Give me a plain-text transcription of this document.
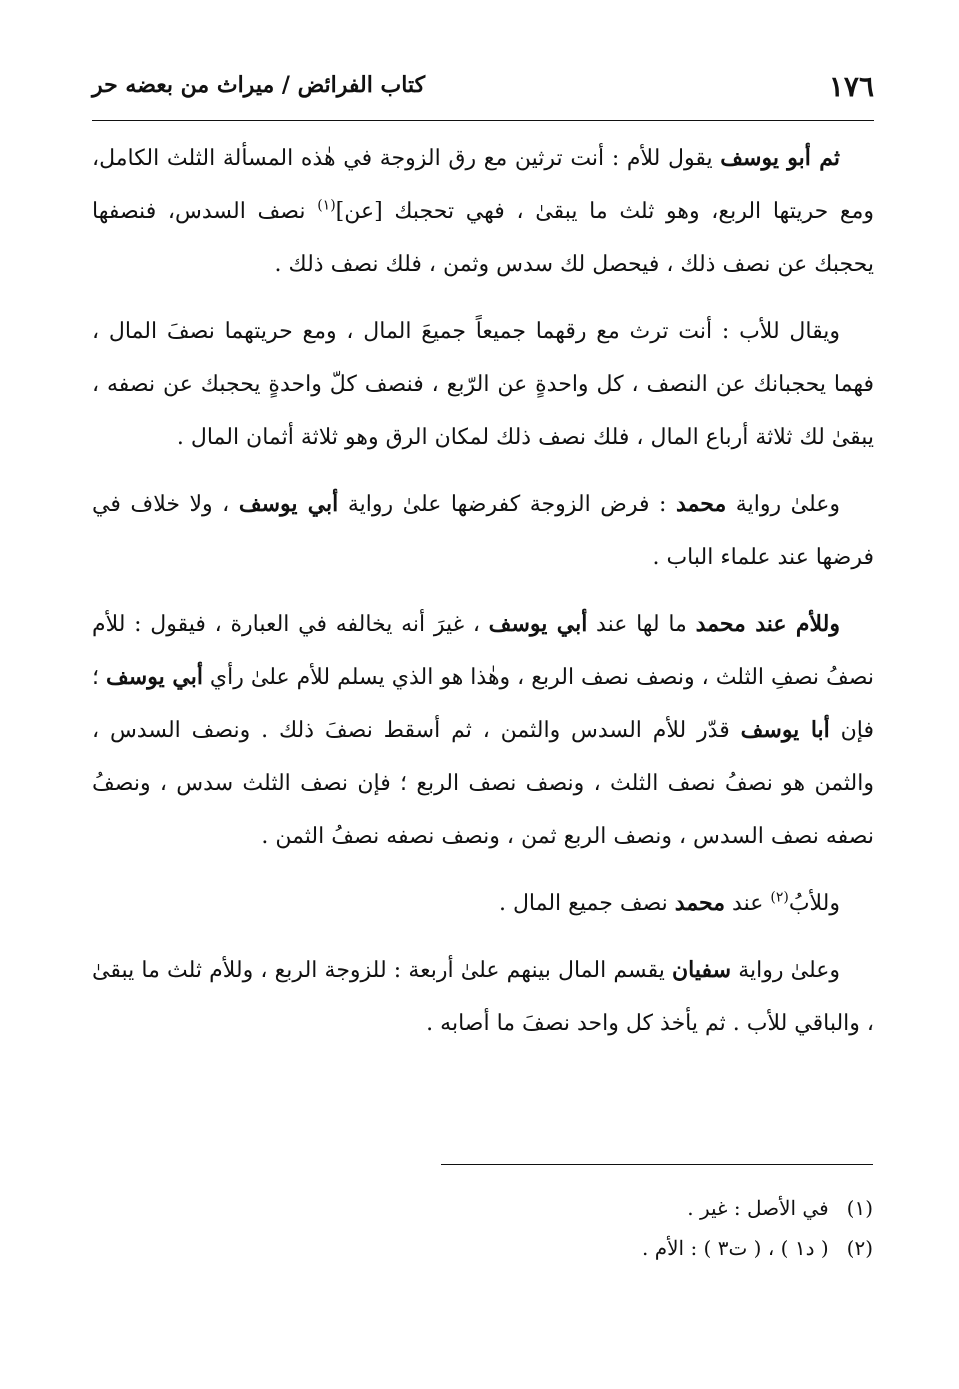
١٧٦
كتاب الفرائض / ميراث من بعضه حر

ثم أبو يوسف يقول للأم : أنت ترثين مع رق الزوجة في هٰذه المسألة الثلث الكامل، ومع حريتها الربع، وهو ثلث ما يبقىٰ ، فهي تحجبك [عن]$^{(١)}$ نصف السدس، فنصفها يحجبك عن نصف ذلك ، فيحصل لك سدس وثمن ، فلك نصف ذلك .

ويقال للأب : أنت ترث مع رقهما جميعاً جميعَ المال ، ومع حريتهما نصفَ المال ، فهما يحجبانك عن النصف ، كل واحدةٍ عن الرّبع ، فنصف كلّ واحدةٍ يحجبك عن نصفه ، يبقىٰ لك ثلاثة أرباع المال ، فلك نصف ذلك لمكان الرق وهو ثلاثة أثمان المال .

وعلىٰ رواية محمد : فرض الزوجة كفرضها علىٰ رواية أبي يوسف ، ولا خلاف في فرضها عند علماء الباب .

وللأم عند محمد ما لها عند أبي يوسف ، غيرَ أنه يخالفه في العبارة ، فيقول : للأم نصفُ نصفِ الثلث ، ونصف نصف الربع ، وهٰذا هو الذي يسلم للأم علىٰ رأي أبي يوسف ؛ فإن أبا يوسف قدّر للأم السدس والثمن ، ثم أسقط نصفَ ذلك . ونصف السدس ، والثمن هو نصفُ نصف الثلث ، ونصف نصف الربع ؛ فإن نصف الثلث سدس ، ونصفُ نصفه نصف السدس ، ونصف الربع ثمن ، ونصف نصفه نصفُ الثمن .

وللأبُ$^{(٢)}$ عند محمد نصف جميع المال .

وعلىٰ رواية سفيان يقسم المال بينهم علىٰ أربعة : للزوجة الربع ، وللأم ثلث ما يبقىٰ ، والباقي للأب . ثم يأخذ كل واحد نصفَ ما أصابه .

(١) في الأصل : غير .
(٢) ( د١ ) ، ( ت٣ ) : الأم .
